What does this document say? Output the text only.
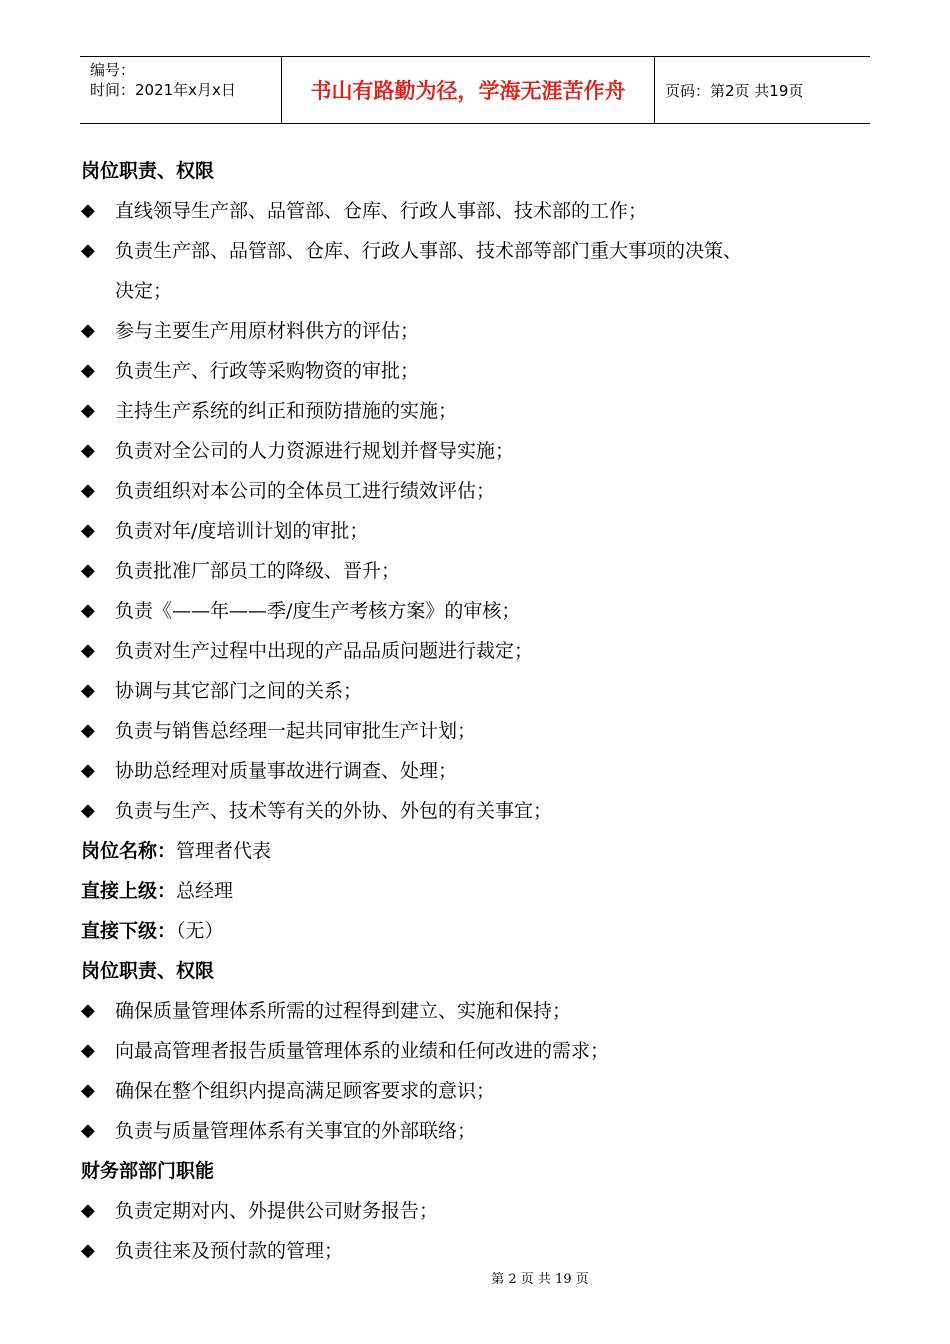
编号：
时间：2021年x月x日	书山有路勤为径，学海无涯苦作舟	页码：第2页 共19页
岗位职责、权限
◆	直线领导生产部、品管部、仓库、行政人事部、技术部的工作；
◆	负责生产部、品管部、仓库、行政人事部、技术部等部门重大事项的决策、
决定；
◆	参与主要生产用原材料供方的评估；
◆	负责生产、行政等采购物资的审批；
◆	主持生产系统的纠正和预防措施的实施；
◆	负责对全公司的人力资源进行规划并督导实施；
◆	负责组织对本公司的全体员工进行绩效评估；
◆	负责对年/度培训计划的审批；
◆	负责批准厂部员工的降级、晋升；
◆	负责《——年——季/度生产考核方案》的审核；
◆	负责对生产过程中出现的产品品质问题进行裁定；
◆	协调与其它部门之间的关系；
◆	负责与销售总经理一起共同审批生产计划；
◆	协助总经理对质量事故进行调查、处理；
◆	负责与生产、技术等有关的外协、外包的有关事宜；
岗位名称：管理者代表
直接上级：总经理
直接下级：（无）
岗位职责、权限
◆	确保质量管理体系所需的过程得到建立、实施和保持；
◆	向最高管理者报告质量管理体系的业绩和任何改进的需求；
◆	确保在整个组织内提高满足顾客要求的意识；
◆	负责与质量管理体系有关事宜的外部联络；
财务部部门职能
◆	负责定期对内、外提供公司财务报告；
◆	负责往来及预付款的管理；
第 2 页 共 19 页
